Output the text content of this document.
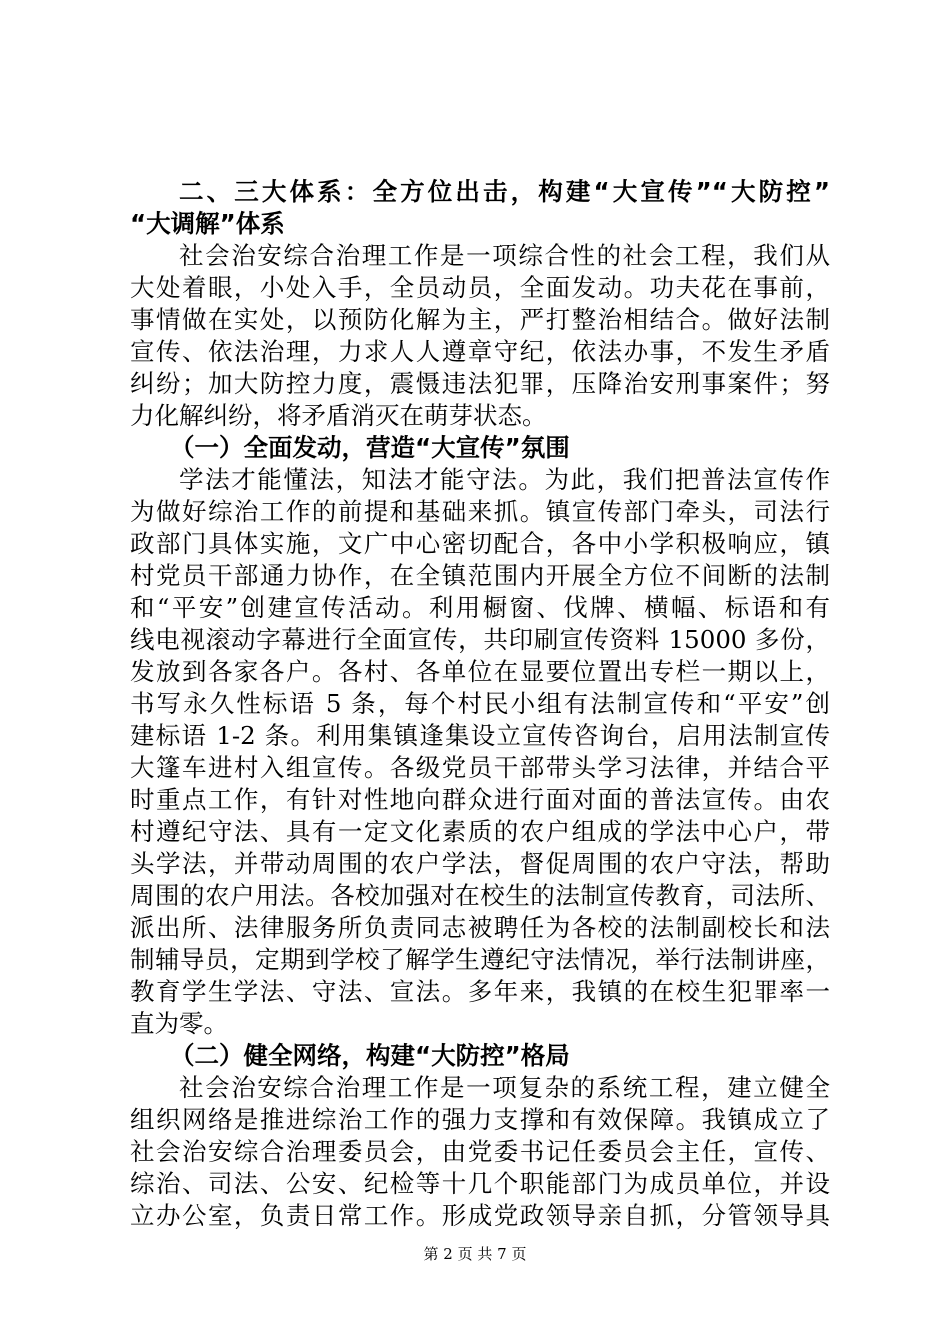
二、三大体系：全方位出击，构建“大宣传”“大防控”
“大调解”体系
社会治安综合治理工作是一项综合性的社会工程，我们从
大处着眼，小处入手，全员动员，全面发动。功夫花在事前，
事情做在实处，以预防化解为主，严打整治相结合。做好法制
宣传、依法治理，力求人人遵章守纪，依法办事，不发生矛盾
纠纷；加大防控力度，震慑违法犯罪，压降治安刑事案件；努
力化解纠纷，将矛盾消灭在萌芽状态。
（一）全面发动，营造“大宣传”氛围
学法才能懂法，知法才能守法。为此，我们把普法宣传作
为做好综治工作的前提和基础来抓。镇宣传部门牵头，司法行
政部门具体实施，文广中心密切配合，各中小学积极响应，镇
村党员干部通力协作，在全镇范围内开展全方位不间断的法制
和“平安”创建宣传活动。利用橱窗、伐牌、横幅、标语和有
线电视滚动字幕进行全面宣传，共印刷宣传资料 15000 多份，
发放到各家各户。各村、各单位在显要位置出专栏一期以上，
书写永久性标语 5 条，每个村民小组有法制宣传和“平安”创
建标语 1-2 条。利用集镇逢集设立宣传咨询台，启用法制宣传
大篷车进村入组宣传。各级党员干部带头学习法律，并结合平
时重点工作，有针对性地向群众进行面对面的普法宣传。由农
村遵纪守法、具有一定文化素质的农户组成的学法中心户，带
头学法，并带动周围的农户学法，督促周围的农户守法，帮助
周围的农户用法。各校加强对在校生的法制宣传教育，司法所、
派出所、法律服务所负责同志被聘任为各校的法制副校长和法
制辅导员，定期到学校了解学生遵纪守法情况，举行法制讲座，
教育学生学法、守法、宣法。多年来，我镇的在校生犯罪率一
直为零。
（二）健全网络，构建“大防控”格局
社会治安综合治理工作是一项复杂的系统工程，建立健全
组织网络是推进综治工作的强力支撑和有效保障。我镇成立了
社会治安综合治理委员会，由党委书记任委员会主任，宣传、
综治、司法、公安、纪检等十几个职能部门为成员单位，并设
立办公室，负责日常工作。形成党政领导亲自抓，分管领导具
第 2 页 共 7 页
